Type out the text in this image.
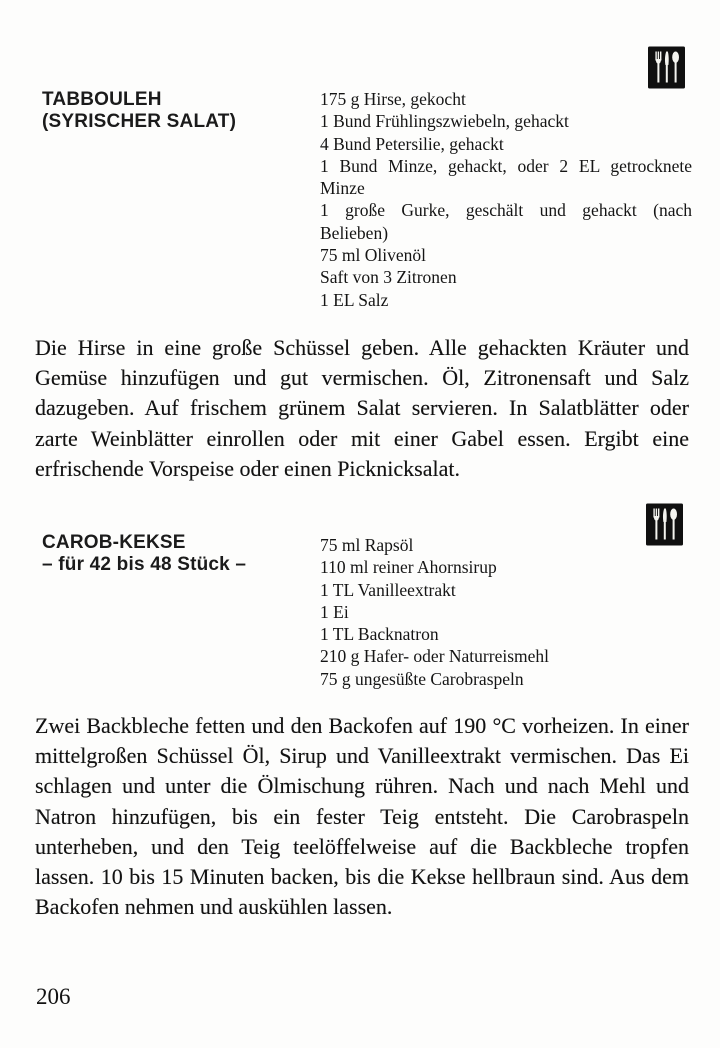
TABBOULEH
(SYRISCHER SALAT)
175 g Hirse, gekocht
1 Bund Frühlingszwiebeln, gehackt
4 Bund Petersilie, gehackt
1 Bund Minze, gehackt, oder 2 EL getrocknete Minze
1 große Gurke, geschält und gehackt (nach Belieben)
75 ml Olivenöl
Saft von 3 Zitronen
1 EL Salz

Die Hirse in eine große Schüssel geben. Alle gehackten Kräuter und Gemüse hinzufügen und gut vermischen. Öl, Zitronensaft und Salz dazugeben. Auf frischem grünem Salat servieren. In Salatblätter oder zarte Weinblätter einrollen oder mit einer Gabel essen. Ergibt eine erfrischende Vorspeise oder einen Picknicksalat.

CAROB-KEKSE
– für 42 bis 48 Stück –
75 ml Rapsöl
110 ml reiner Ahornsirup
1 TL Vanilleextrakt
1 Ei
1 TL Backnatron
210 g Hafer- oder Naturreismehl
75 g ungesüßte Carobraspeln

Zwei Backbleche fetten und den Backofen auf 190 °C vorheizen. In einer mittelgroßen Schüssel Öl, Sirup und Vanilleextrakt vermischen. Das Ei schlagen und unter die Ölmischung rühren. Nach und nach Mehl und Natron hinzufügen, bis ein fester Teig entsteht. Die Carobraspeln unterheben, und den Teig teelöffelweise auf die Backbleche tropfen lassen. 10 bis 15 Minuten backen, bis die Kekse hellbraun sind. Aus dem Backofen nehmen und auskühlen lassen.

206
